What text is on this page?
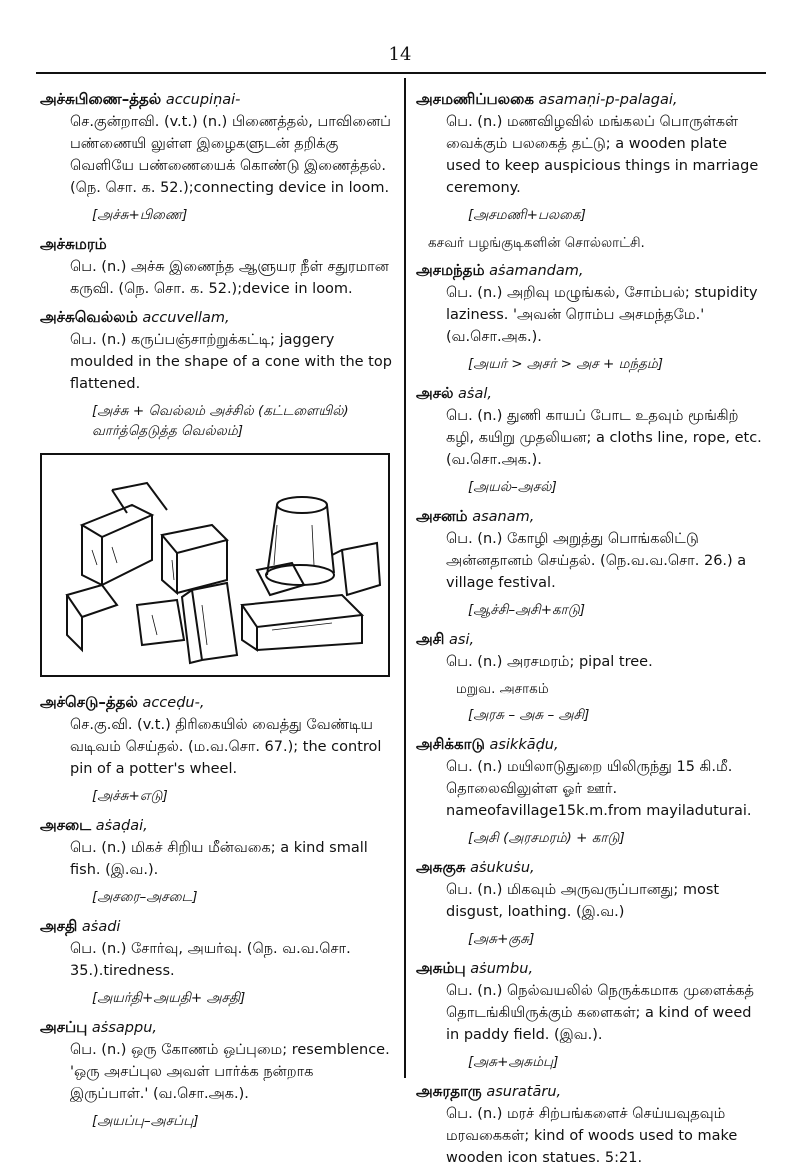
14
அச்சுபிணை–த்தல் accupiṇai-
செ.குன்றாவி. (v.t.) (n.) பிணைத்தல், பாவினைப் பண்ணையி லுள்ள இழைகளுடன் தறிக்கு வெளியே பண்ணையைக் கொண்டு இணைத்தல். (நெ. சொ. க. 52.);connecting device in loom.
[அச்சு+பிணை]
அச்சுமரம்
பெ. (n.) அச்சு இணைந்த ஆளுயர நீள் சதுரமான கருவி. (நெ. சொ. க. 52.);device in loom.
அச்சுவெல்லம் accuvellam,
பெ. (n.) கருப்பஞ்சாற்றுக்கட்டி; jaggery moulded in the shape of a cone with the top flattened.
[அச்சு + வெல்லம் அச்சில் (கட்டளையில்) வார்த்தெடுத்த வெல்லம்]
அச்செடு–த்தல் acceḍu-,
செ.கு.வி. (v.t.) திரிகையில் வைத்து வேண்டிய வடிவம் செய்தல். (ம.வ.சொ. 67.); the control pin of a potter's wheel.
[அச்சு+எடு]
அசடை aṡaḍai,
பெ. (n.) மிகச் சிறிய மீன்வகை; a kind small fish. (இ.வ.).
[அசரை–அசடை]
அசதி aṡadi
பெ. (n.) சோர்வு, அயர்வு. (நெ. வ.வ.சொ. 35.).tiredness.
[அயர்தி+அயதி+ அசதி]
அசப்பு aṡsappu,
பெ. (n.) ஒரு கோணம் ஒப்புமை; resemblence. 'ஒரு அசப்புல அவள் பார்க்க நன்றாக இருப்பாள்.' (வ.சொ.அக.).
[அயப்பு–அசப்பு]
அசமணிப்பலகை asamaṇi-p-palagai,
பெ. (n.) மணவிழவில் மங்கலப் பொருள்கள் வைக்கும் பலகைத் தட்டு; a wooden plate used to keep auspicious things in marriage ceremony.
[அசமணி+பலகை]
கசவர் பழங்குடிகளின் சொல்லாட்சி.
அசமந்தம் aṡamandam,
பெ. (n.) அறிவு மழுங்கல், சோம்பல்; stupidity laziness. 'அவன் ரொம்ப அசமந்தமே.' (வ.சொ.அக.).
[அயர் > அசர் > அச + மந்தம்]
அசல் aṡal,
பெ. (n.) துணி காயப் போட உதவும் மூங்கிற் கழி, கயிறு முதலியன; a cloths line, rope, etc. (வ.சொ.அக.).
[அயல்–அசல்]
அசனம் asanam,
பெ. (n.) கோழி அறுத்து பொங்கலிட்டு அன்னதானம் செய்தல். (நெ.வ.வ.சொ. 26.) a village festival.
[ஆச்சி–அசி+காடு]
அசி asi,
பெ. (n.) அரசமரம்; pipal tree.
மறுவ. அசாகம்
[அரசு – அசு – அசி]
அசிக்காடு asikkāḍu,
பெ. (n.) மயிலாடுதுறை யிலிருந்து 15 கி.மீ. தொலைவிலுள்ள ஓர் ஊர். nameofavillage15k.m.from mayiladuturai.
[அசி (அரசமரம்) + காடு]
அசுகுசு aṡukuṡu,
பெ. (n.) மிகவும் அருவருப்பானது; most disgust, loathing. (இ.வ.)
[அசு+குசு]
அசும்பு aṡumbu,
பெ. (n.) நெல்வயலில் நெருக்கமாக முளைக்கத் தொடங்கியிருக்கும் களைகள்; a kind of weed in paddy field. (இவ.).
[அசு+அசும்பு]
அசுரதாரு asuratāru,
பெ. (n.) மரச் சிற்பங்களைச் செய்யவுதவும் மரவகைகள்; kind of woods used to make wooden icon statues. 5:21.
